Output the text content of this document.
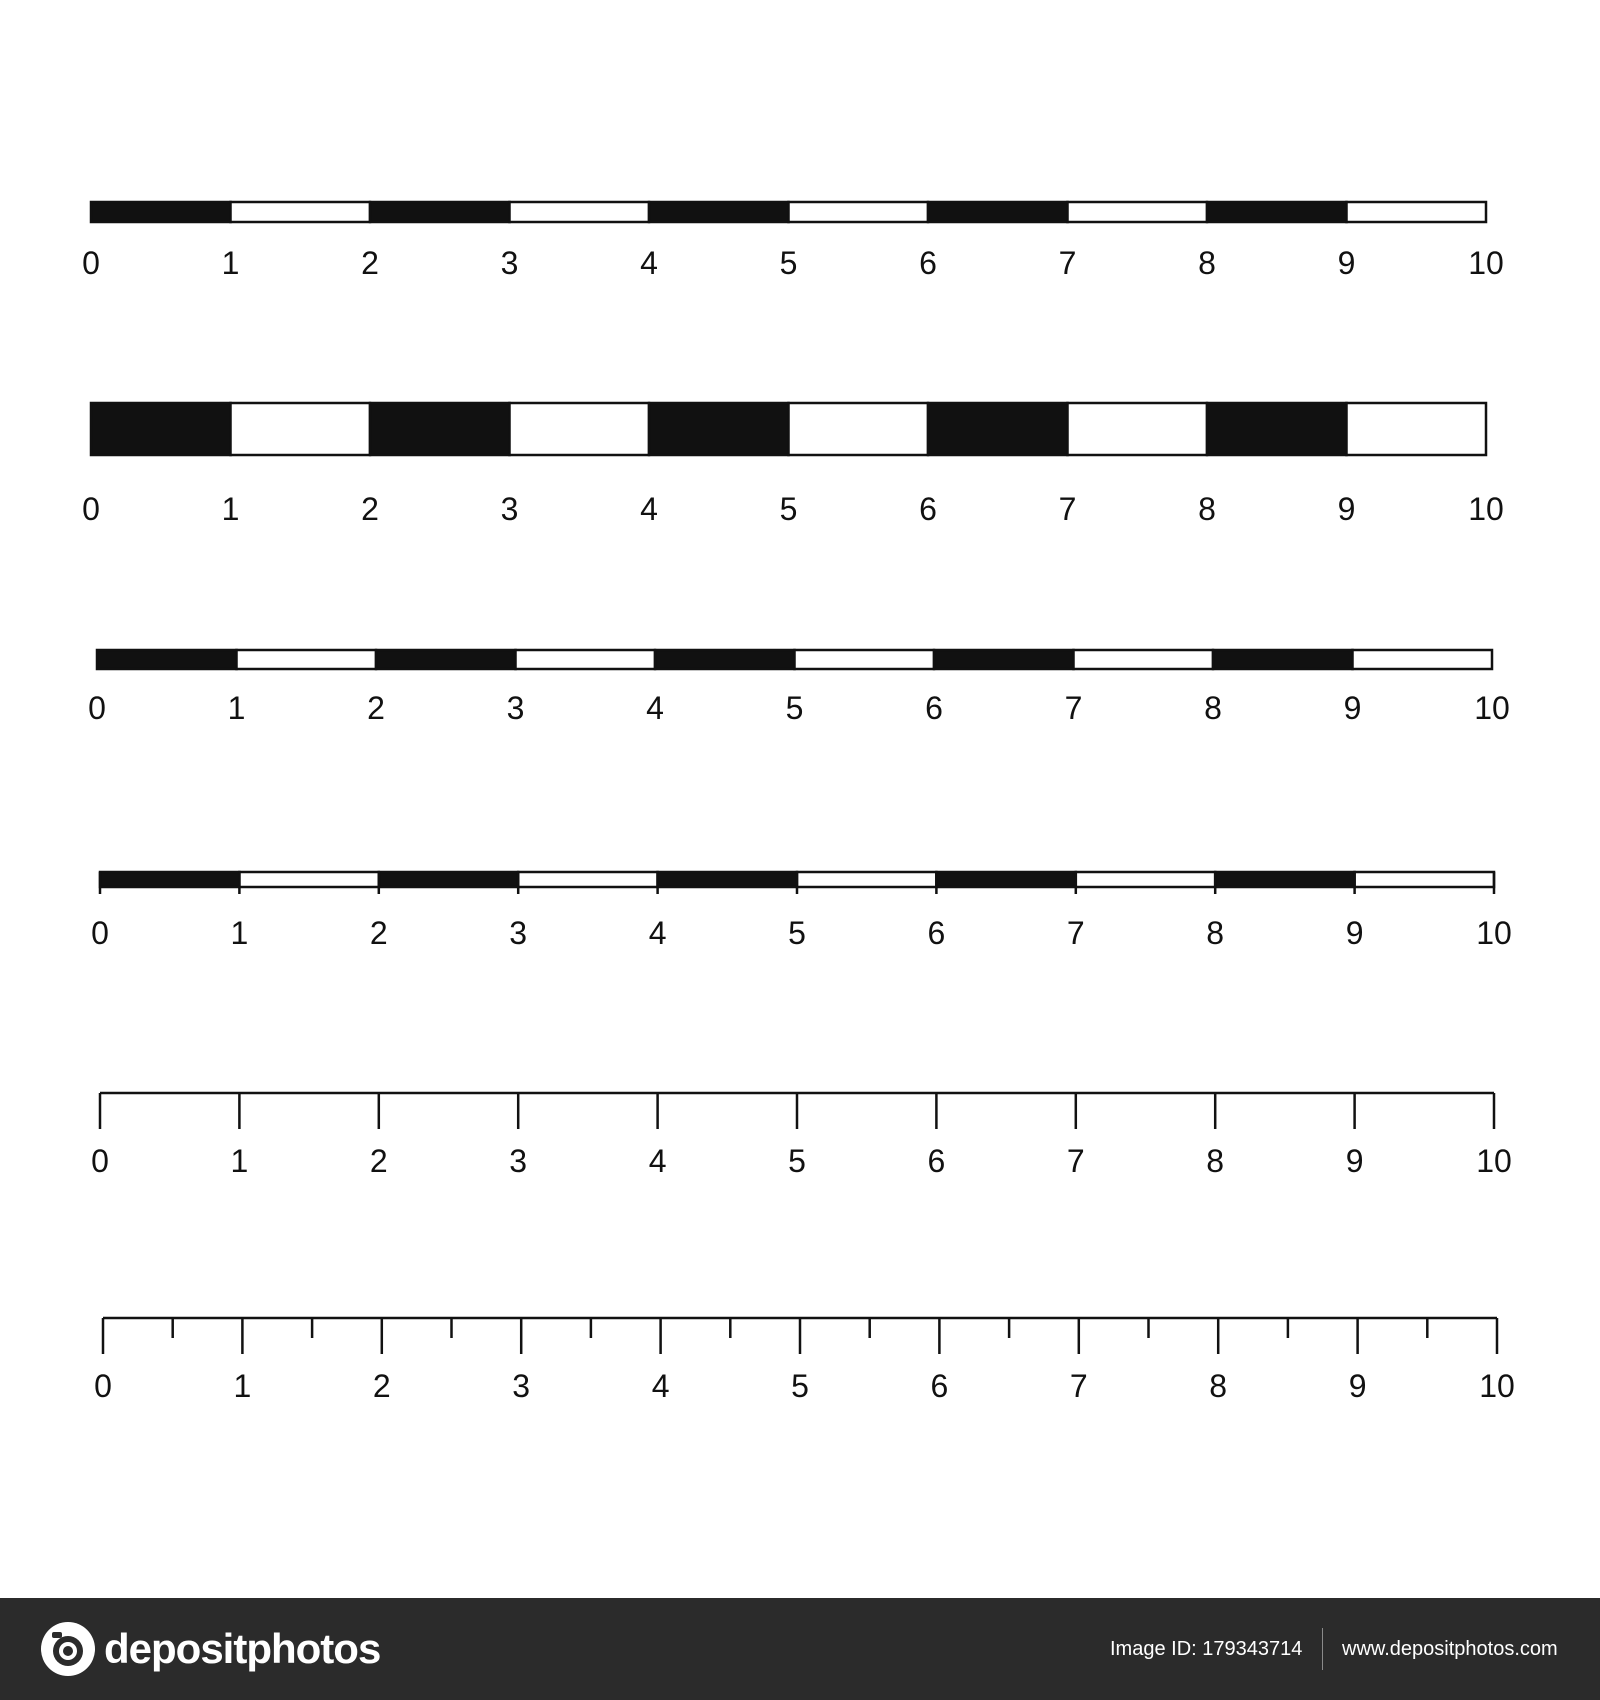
0	1	2	3	4	5	6	7	8	9	10
0	1	2	3	4	5	6	7	8	9	10
0	1	2	3	4	5	6	7	8	9	10
0	1	2	3	4	5	6	7	8	9	10
0	1	2	3	4	5	6	7	8	9	10
0	1	2	3	4	5	6	7	8	9	10
depositphotos	Image ID: 179343714 www.depositphotos.com
